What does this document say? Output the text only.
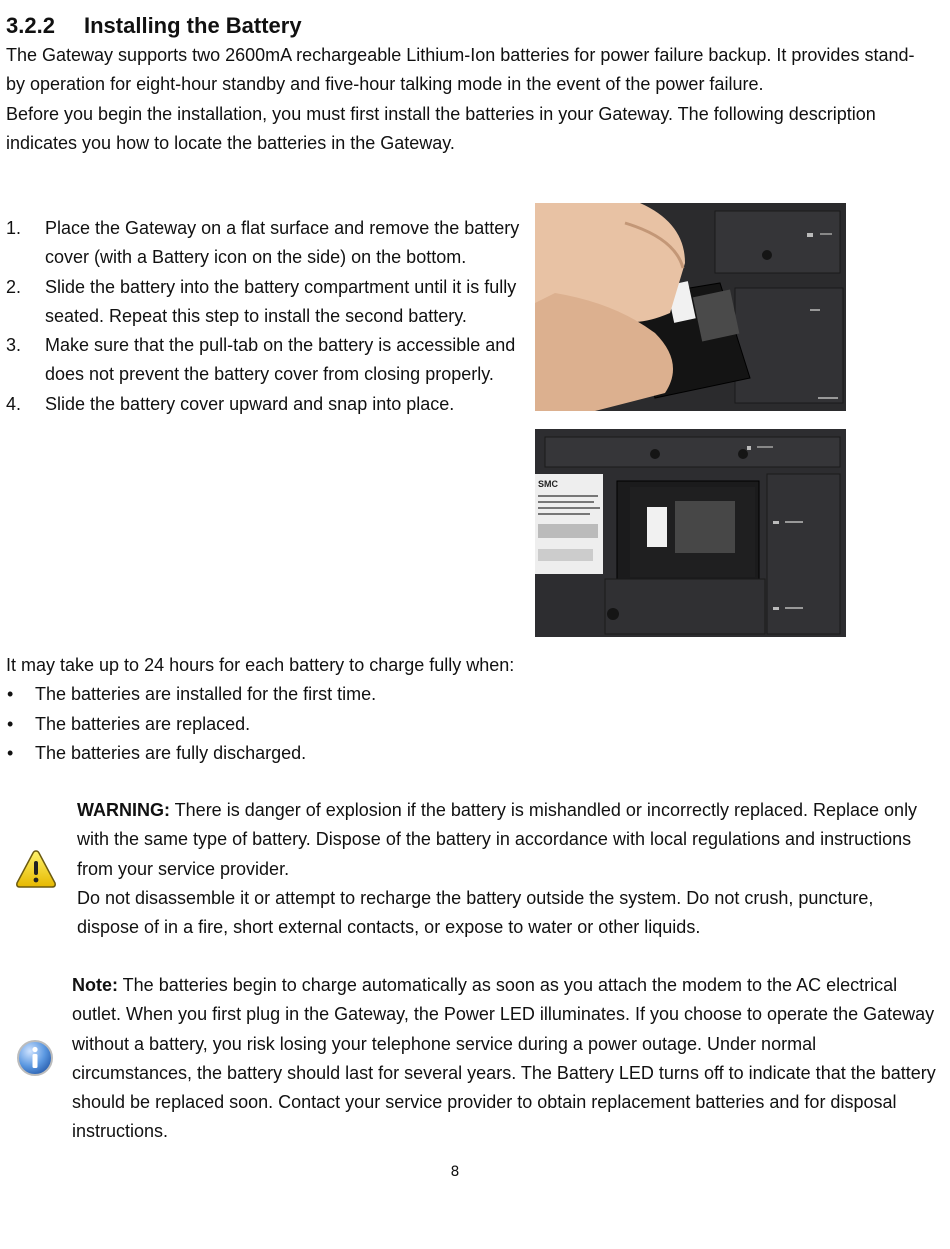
3.2.2 Installing the Battery

The Gateway supports two 2600mA rechargeable Lithium-Ion batteries for power failure backup. It provides stand-by operation for eight-hour standby and five-hour talking mode in the event of the power failure.

Before you begin the installation, you must first install the batteries in your Gateway. The following description indicates you how to locate the batteries in the Gateway.

1. Place the Gateway on a flat surface and remove the battery cover (with a Battery icon on the side) on the bottom.
2. Slide the battery into the battery compartment until it is fully seated. Repeat this step to install the second battery.
3. Make sure that the pull-tab on the battery is accessible and does not prevent the battery cover from closing properly.
4. Slide the battery cover upward and snap into place.
SMC

It may take up to 24 hours for each battery to charge fully when:

• The batteries are installed for the first time.
• The batteries are replaced.
• The batteries are fully discharged.

WARNING: There is danger of explosion if the battery is mishandled or incorrectly replaced. Replace only with the same type of battery. Dispose of the battery in accordance with local regulations and instructions from your service provider.

Do not disassemble it or attempt to recharge the battery outside the system. Do not crush, puncture, dispose of in a fire, short external contacts, or expose to water or other liquids.

Note: The batteries begin to charge automatically as soon as you attach the modem to the AC electrical outlet. When you first plug in the Gateway, the Power LED illuminates. If you choose to operate the Gateway without a battery, you risk losing your telephone service during a power outage. Under normal circumstances, the battery should last for several years. The Battery LED turns off to indicate that the battery should be replaced soon. Contact your service provider to obtain replacement batteries and for disposal instructions.

8
